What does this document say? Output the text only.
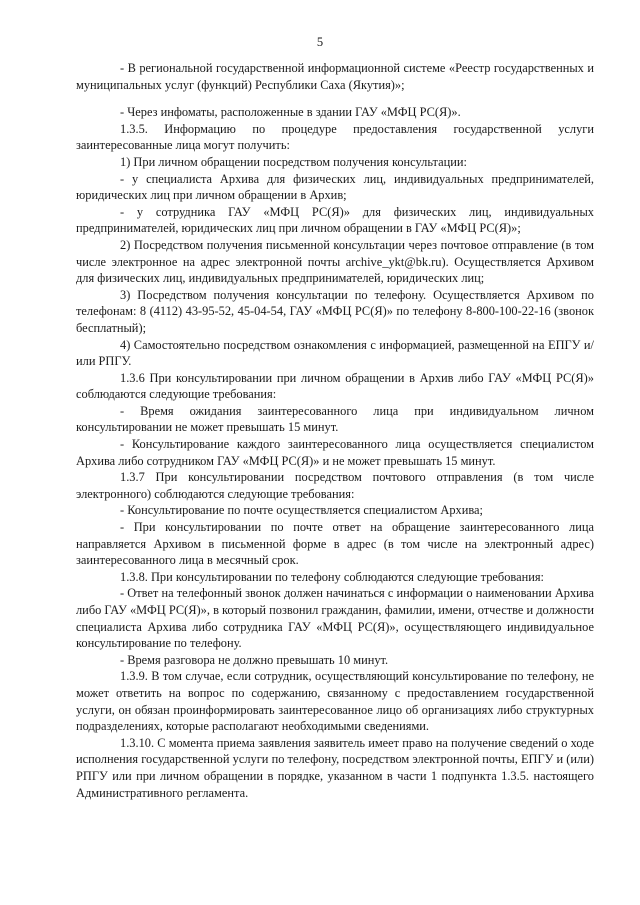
5

- В региональной государственной информационной системе «Реестр государственных и муниципальных услуг (функций) Республики Саха (Якутия)»;

- Через инфоматы, расположенные в здании ГАУ «МФЦ РС(Я)».

1.3.5. Информацию по процедуре предоставления государственной услуги заинтересованные лица могут получить:

1) При личном обращении посредством получения консультации:

- у специалиста Архива для физических лиц, индивидуальных предпринимателей, юридических лиц при личном обращении в Архив;

- у сотрудника ГАУ «МФЦ РС(Я)» для физических лиц, индивидуальных предпринимателей, юридических лиц при личном обращении в ГАУ «МФЦ РС(Я)»;

2) Посредством получения письменной консультации через почтовое отправление (в том числе электронное на адрес электронной почты archive_ykt@bk.ru). Осуществляется Архивом для физических лиц, индивидуальных предпринимателей, юридических лиц;

3) Посредством получения консультации по телефону. Осуществляется Архивом по телефонам: 8 (4112) 43-95-52, 45-04-54, ГАУ «МФЦ РС(Я)» по телефону 8-800-100-22-16 (звонок бесплатный);

4) Самостоятельно посредством ознакомления с информацией, размещенной на ЕПГУ и/или РПГУ.

1.3.6 При консультировании при личном обращении в Архив либо ГАУ «МФЦ РС(Я)» соблюдаются следующие требования:

- Время ожидания заинтересованного лица при индивидуальном личном консультировании не может превышать 15 минут.

- Консультирование каждого заинтересованного лица осуществляется специалистом Архива либо сотрудником ГАУ «МФЦ РС(Я)» и не может превышать 15 минут.

1.3.7 При консультировании посредством почтового отправления (в том числе электронного) соблюдаются следующие требования:

- Консультирование по почте осуществляется специалистом Архива;

- При консультировании по почте ответ на обращение заинтересованного лица направляется Архивом в письменной форме в адрес (в том числе на электронный адрес) заинтересованного лица в месячный срок.

1.3.8. При консультировании по телефону соблюдаются следующие требования:

- Ответ на телефонный звонок должен начинаться с информации о наименовании Архива либо ГАУ «МФЦ РС(Я)», в который позвонил гражданин, фамилии, имени, отчестве и должности специалиста Архива либо сотрудника ГАУ «МФЦ РС(Я)», осуществляющего индивидуальное консультирование по телефону.

- Время разговора не должно превышать 10 минут.

1.3.9. В том случае, если сотрудник, осуществляющий консультирование по телефону, не может ответить на вопрос по содержанию, связанному с предоставлением государственной услуги, он обязан проинформировать заинтересованное лицо об организациях либо структурных подразделениях, которые располагают необходимыми сведениями.

1.3.10. С момента приема заявления заявитель имеет право на получение сведений о ходе исполнения государственной услуги по телефону, посредством электронной почты, ЕПГУ и (или) РПГУ или при личном обращении в порядке, указанном в части 1 подпункта 1.3.5. настоящего Административного регламента.
